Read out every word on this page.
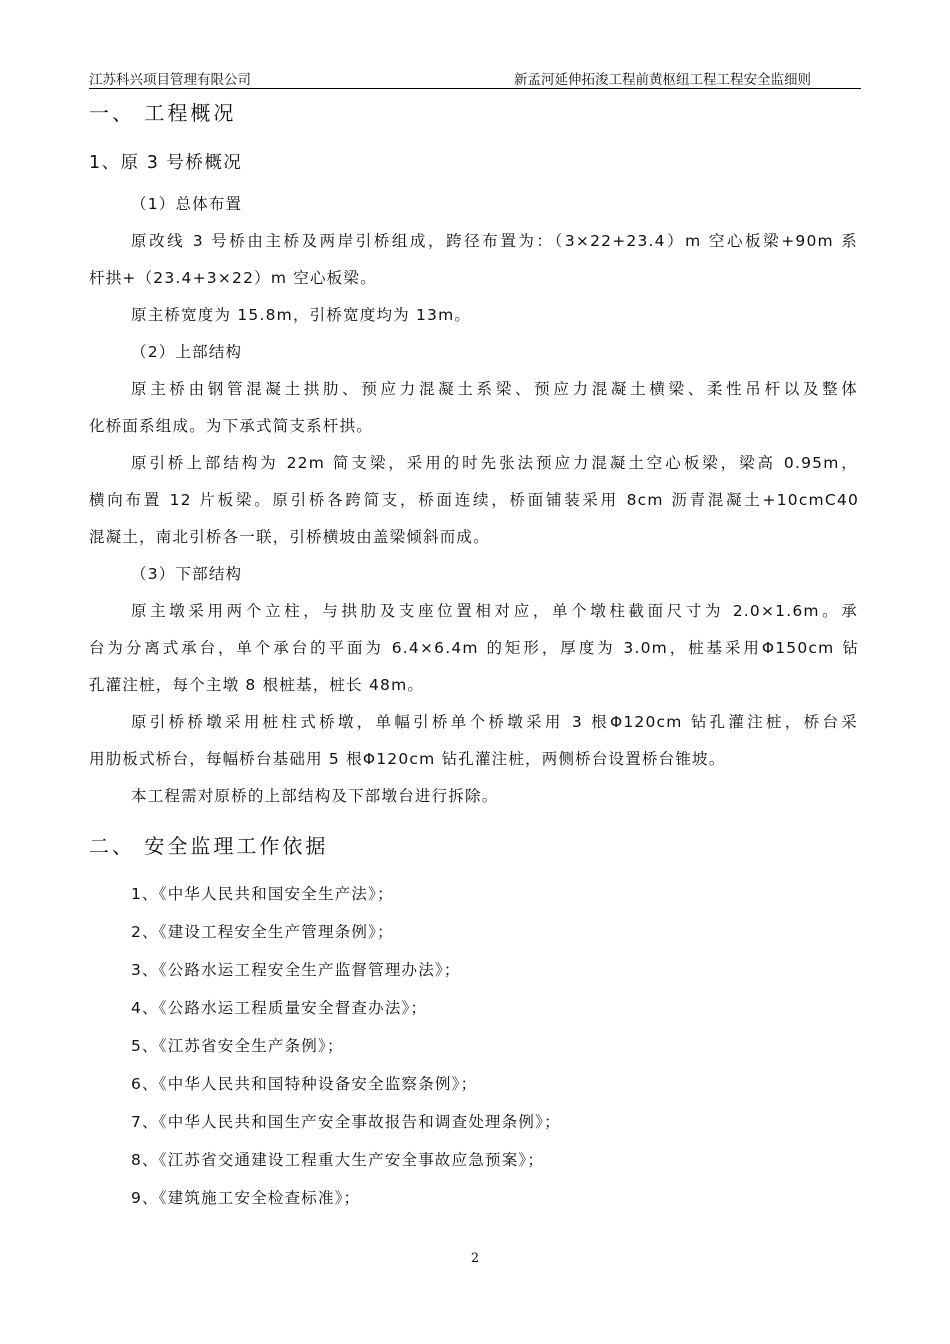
江苏科兴项目管理有限公司	新孟河延伸拓浚工程前黄枢纽工程工程安全监细则
一、 工程概况
1、原 3 号桥概况
（1）总体布置
原改线 3 号桥由主桥及两岸引桥组成，跨径布置为：（3×22+23.4）m 空心板梁+90m 系
杆拱+（23.4+3×22）m 空心板梁。
原主桥宽度为 15.8m，引桥宽度均为 13m。
（2）上部结构
原主桥由钢管混凝土拱肋、预应力混凝土系梁、预应力混凝土横梁、柔性吊杆以及整体
化桥面系组成。为下承式简支系杆拱。
原引桥上部结构为 22m 简支梁，采用的时先张法预应力混凝土空心板梁，梁高 0.95m，
横向布置 12 片板梁。原引桥各跨简支，桥面连续，桥面铺装采用 8cm 沥青混凝土+10cmC40
混凝土，南北引桥各一联，引桥横坡由盖梁倾斜而成。
（3）下部结构
原主墩采用两个立柱，与拱肋及支座位置相对应，单个墩柱截面尺寸为 2.0×1.6m。承
台为分离式承台，单个承台的平面为 6.4×6.4m 的矩形，厚度为 3.0m，桩基采用Φ150cm 钻
孔灌注桩，每个主墩 8 根桩基，桩长 48m。
原引桥桥墩采用桩柱式桥墩，单幅引桥单个桥墩采用 3 根Φ120cm 钻孔灌注桩，桥台采
用肋板式桥台，每幅桥台基础用 5 根Φ120cm 钻孔灌注桩，两侧桥台设置桥台锥坡。
本工程需对原桥的上部结构及下部墩台进行拆除。
二、 安全监理工作依据
1、《中华人民共和国安全生产法》；
2、《建设工程安全生产管理条例》；
3、《公路水运工程安全生产监督管理办法》；
4、《公路水运工程质量安全督查办法》；
5、《江苏省安全生产条例》；
6、《中华人民共和国特种设备安全监察条例》；
7、《中华人民共和国生产安全事故报告和调查处理条例》；
8、《江苏省交通建设工程重大生产安全事故应急预案》；
9、《建筑施工安全检查标准》；
2
